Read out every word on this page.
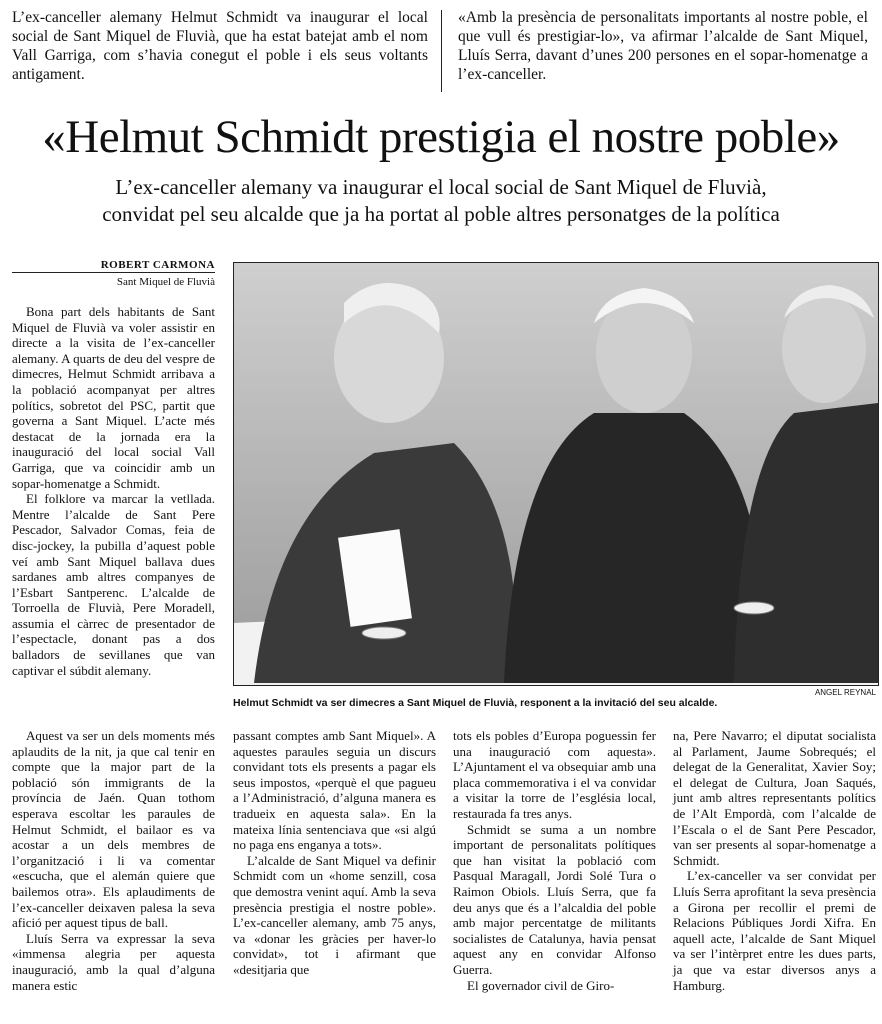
L’ex-canceller alemany Helmut Schmidt va inaugurar el local social de Sant Miquel de Fluvià, que ha estat batejat amb el nom Vall Garriga, com s’havia conegut el poble i els seus voltants antigament.
«Amb la presència de personalitats importants al nostre poble, el que vull és prestigiar-lo», va afirmar l’alcalde de Sant Miquel, Lluís Serra, davant d’unes 200 persones en el sopar-homenatge a l’ex-canceller.
«Helmut Schmidt prestigia el nostre poble»
L’ex-canceller alemany va inaugurar el local social de Sant Miquel de Fluvià,
convidat pel seu alcalde que ja ha portat al poble altres personatges de la política
ROBERT CARMONA
Sant Miquel de Fluvià

Bona part dels habitants de Sant Miquel de Fluvià va voler assistir en directe a la visita de l’ex-canceller alemany. A quarts de deu del vespre de dimecres, Helmut Schmidt arribava a la població acompanyat per altres polítics, sobretot del PSC, partit que governa a Sant Miquel. L’acte més destacat de la jornada era la inauguració del local social Vall Garriga, que va coincidir amb un sopar-homenatge a Schmidt.

El folklore va marcar la vetllada. Mentre l’alcalde de Sant Pere Pescador, Salvador Comas, feia de disc-jockey, la pubilla d’aquest poble veí amb Sant Miquel ballava dues sardanes amb altres companyes de l’Esbart Santperenc. L’alcalde de Torroella de Fluvià, Pere Moradell, assumia el càrrec de presentador de l’espectacle, donant pas a dos balladors de sevillanes que van captivar el súbdit alemany.

Aquest va ser un dels moments més aplaudits de la nit, ja que cal tenir en compte que la major part de la població són immigrants de la província de Jaén. Quan tothom esperava escoltar les paraules de Helmut Schmidt, el bailaor es va acostar a un dels membres de l’organització i li va comentar «escucha, que el alemán quiere que bailemos otra». Els aplaudiments de l’ex-canceller deixaven palesa la seva afició per aquest tipus de ball.

Lluís Serra va expressar la seva «immensa alegria per aquesta inauguració, amb la qual d’alguna manera estic

ANGEL REYNAL
Helmut Schmidt va ser dimecres a Sant Miquel de Fluvià, responent a la invitació del seu alcalde.

passant comptes amb Sant Miquel». A aquestes paraules seguia un discurs convidant tots els presents a pagar els seus impostos, «perquè el que pagueu a l’Administració, d’alguna manera es tradueix en aquesta sala». En la mateixa línia sentenciava que «si algú no paga ens enganya a tots».

L’alcalde de Sant Miquel va definir Schmidt com un «home senzill, cosa que demostra venint aquí. Amb la seva presència prestigia el nostre poble». L’ex-canceller alemany, amb 75 anys, va «donar les gràcies per haver-lo convidat», tot i afirmant que «desitjaria que

tots els pobles d’Europa poguessin fer una inauguració com aquesta». L’Ajuntament el va obsequiar amb una placa commemorativa i el va convidar a visitar la torre de l’església local, restaurada fa tres anys.

Schmidt se suma a un nombre important de personalitats polítiques que han visitat la població com Pasqual Maragall, Jordi Solé Tura o Raimon Obiols. Lluís Serra, que fa deu anys que és a l’alcaldia del poble amb major percentatge de militants socialistes de Catalunya, havia pensat aquest any en convidar Alfonso Guerra.

El governador civil de Giro-

na, Pere Navarro; el diputat socialista al Parlament, Jaume Sobrequés; el delegat de la Generalitat, Xavier Soy; el delegat de Cultura, Joan Saqués, junt amb altres representants polítics de l’Alt Empordà, com l’alcalde de l’Escala o el de Sant Pere Pescador, van ser presents al sopar-homenatge a Schmidt.

L’ex-canceller va ser convidat per Lluís Serra aprofitant la seva presència a Girona per recollir el premi de Relacions Públiques Jordi Xifra. En aquell acte, l’alcalde de Sant Miquel va ser l’intèrpret entre les dues parts, ja que va estar diversos anys a Hamburg.
